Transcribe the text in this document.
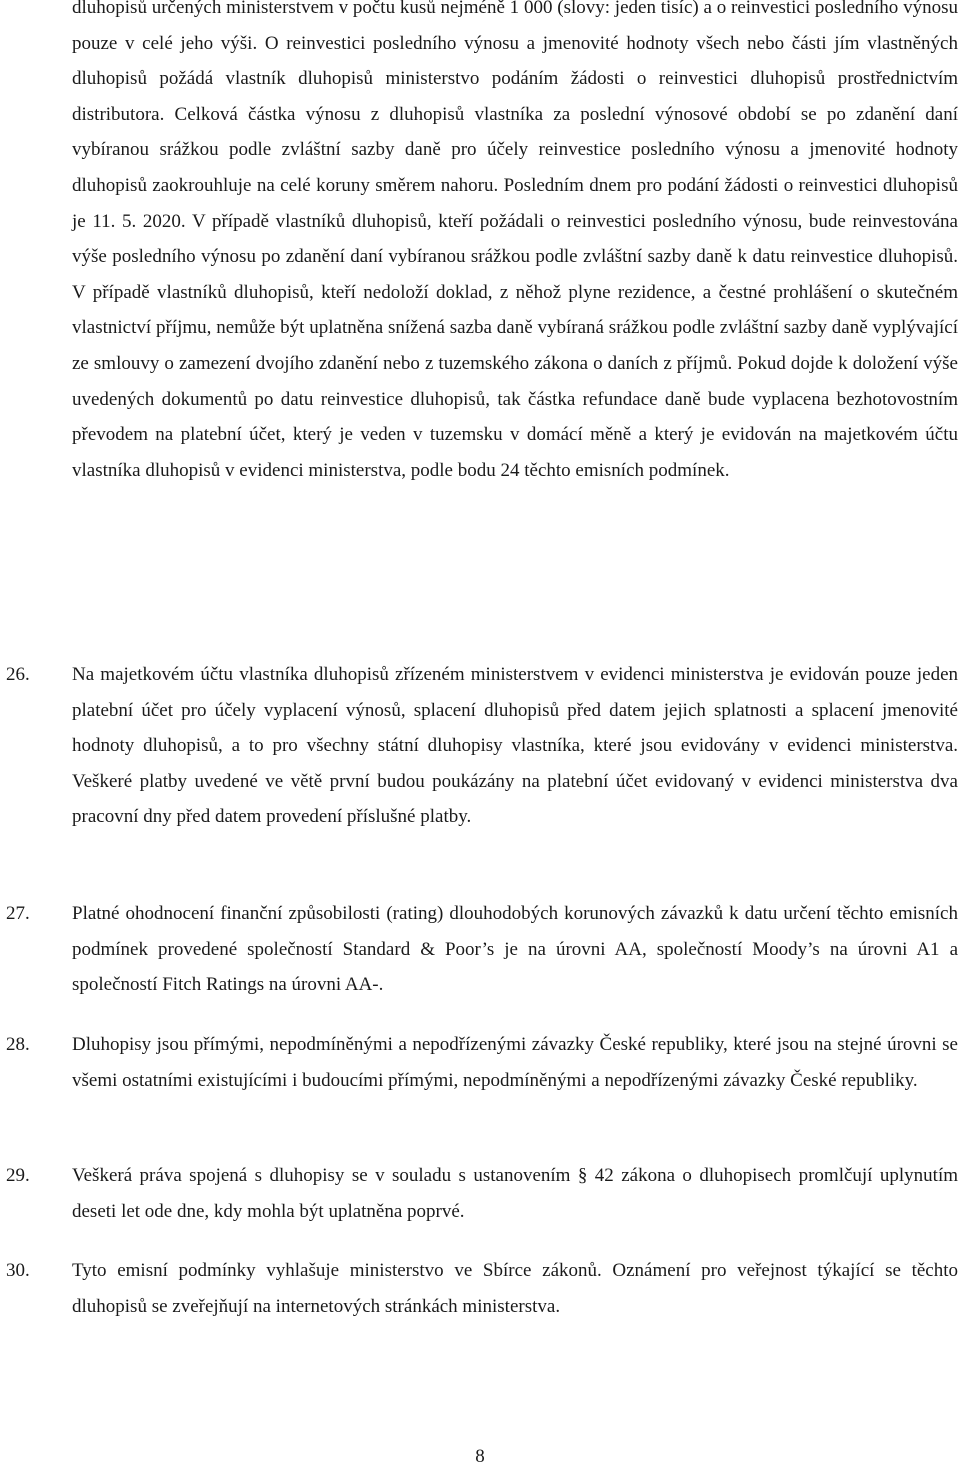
dluhopisů určených ministerstvem v počtu kusů nejméně 1 000 (slovy: jeden tisíc) a o reinvestici posledního výnosu pouze v celé jeho výši. O reinvestici posledního výnosu a jmenovité hodnoty všech nebo části jím vlastněných dluhopisů požádá vlastník dluhopisů ministerstvo podáním žádosti o reinvestici dluhopisů prostřednictvím distributora. Celková částka výnosu z dluhopisů vlastníka za poslední výnosové období se po zdanění daní vybíranou srážkou podle zvláštní sazby daně pro účely reinvestice posledního výnosu a jmenovité hodnoty dluhopisů zaokrouhluje na celé koruny směrem nahoru. Posledním dnem pro podání žádosti o reinvestici dluhopisů je 11. 5. 2020. V případě vlastníků dluhopisů, kteří požádali o reinvestici posledního výnosu, bude reinvestována výše posledního výnosu po zdanění daní vybíranou srážkou podle zvláštní sazby daně k datu reinvestice dluhopisů. V případě vlastníků dluhopisů, kteří nedoloží doklad, z něhož plyne rezidence, a čestné prohlášení o skutečném vlastnictví příjmu, nemůže být uplatněna snížená sazba daně vybíraná srážkou podle zvláštní sazby daně vyplývající ze smlouvy o zamezení dvojího zdanění nebo z tuzemského zákona o daních z příjmů. Pokud dojde k doložení výše uvedených dokumentů po datu reinvestice dluhopisů, tak částka refundace daně bude vyplacena bezhotovostním převodem na platební účet, který je veden v tuzemsku v domácí měně a který je evidován na majetkovém účtu vlastníka dluhopisů v evidenci ministerstva, podle bodu 24 těchto emisních podmínek.

26.	Na majetkovém účtu vlastníka dluhopisů zřízeném ministerstvem v evidenci ministerstva je evidován pouze jeden platební účet pro účely vyplacení výnosů, splacení dluhopisů před datem jejich splatnosti a splacení jmenovité hodnoty dluhopisů, a to pro všechny státní dluhopisy vlastníka, které jsou evidovány v evidenci ministerstva. Veškeré platby uvedené ve větě první budou poukázány na platební účet evidovaný v evidenci ministerstva dva pracovní dny před datem provedení příslušné platby.

27.	Platné ohodnocení finanční způsobilosti (rating) dlouhodobých korunových závazků k datu určení těchto emisních podmínek provedené společností Standard & Poor’s je na úrovni AA, společností Moody’s na úrovni A1 a společností Fitch Ratings na úrovni AA-.

28.	Dluhopisy jsou přímými, nepodmíněnými a nepodřízenými závazky České republiky, které jsou na stejné úrovni se všemi ostatními existujícími i budoucími přímými, nepodmíněnými a nepodřízenými závazky České republiky.

29.	Veškerá práva spojená s dluhopisy se v souladu s ustanovením § 42 zákona o dluhopisech promlčují uplynutím deseti let ode dne, kdy mohla být uplatněna poprvé.

30.	Tyto emisní podmínky vyhlašuje ministerstvo ve Sbírce zákonů. Oznámení pro veřejnost týkající se těchto dluhopisů se zveřejňují na internetových stránkách ministerstva.

8
